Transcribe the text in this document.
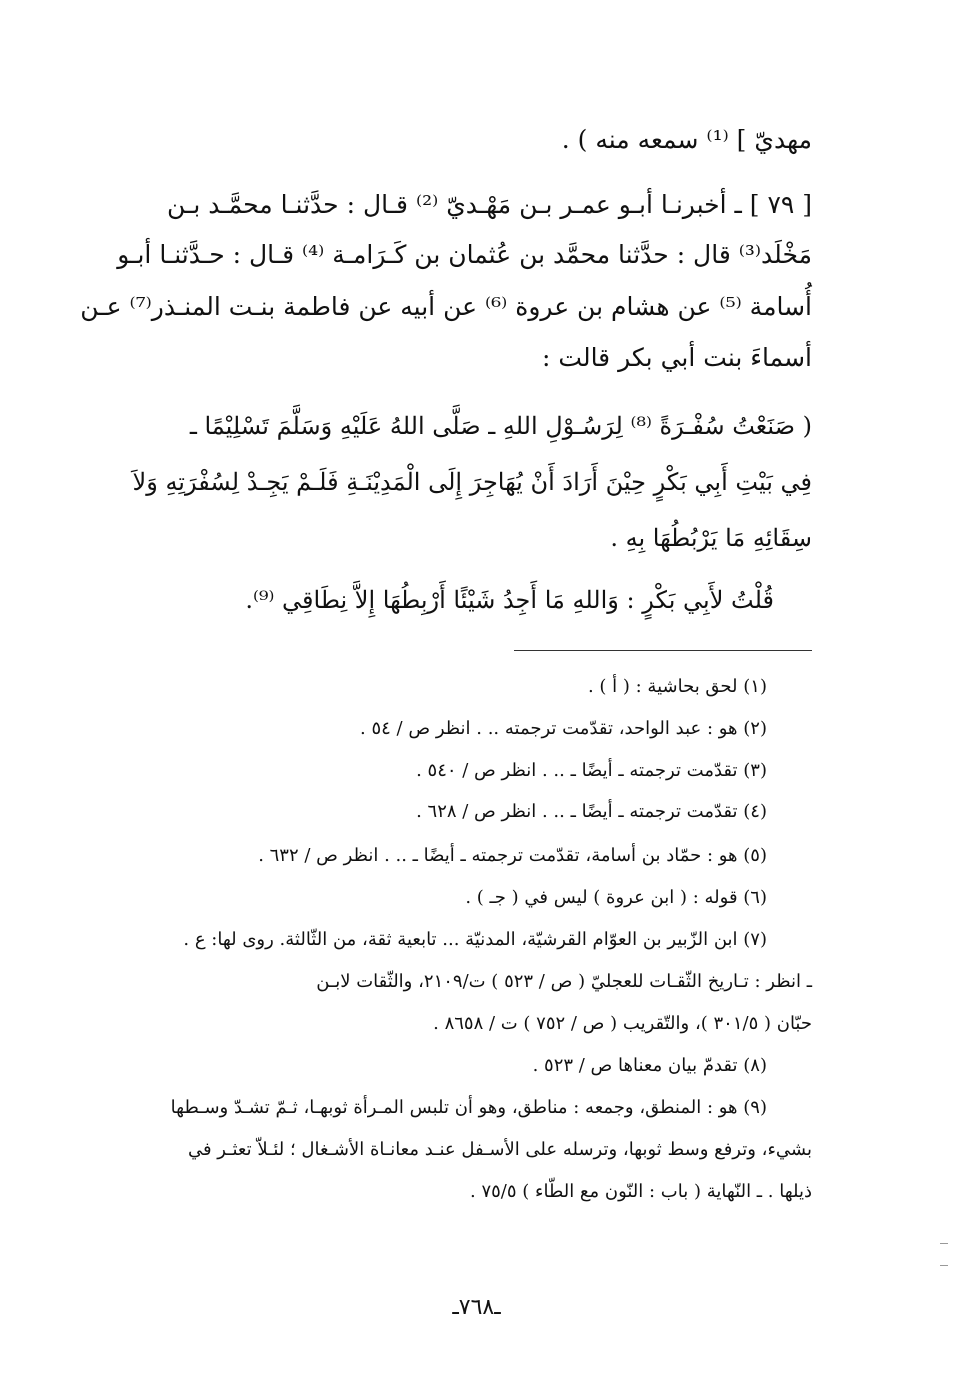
مهديّ ] ⁽¹⁾ سمعه منه ) .
[ ٧٩ ] ـ أخبرنـا أبـو عمـر بـن مَهْـديّ ⁽²⁾ قـال : حدَّثنـا محمَّـد بـن
مَخْلَد⁽³⁾ قال : حدَّثنا محمَّد بن عُثمان بن كَـرَامـة ⁽⁴⁾ قـال : حـدَّثنـا أبـو
أُسامة ⁽⁵⁾ عن هشام بن عروة ⁽⁶⁾ عن أبيه عن فاطمة بنـت المنـذر⁽⁷⁾ عـن
أسماءَ بنت أبي بكر قالت :
( صَنَعْتُ سُفْـرَةً ⁽⁸⁾ لِرَسُـوْلِ اللهِ ـ صَلَّى اللهُ عَلَيْهِ وَسَلَّمَ تَسْلِيْمًا ـ
فِي بَيْتِ أَبِي بَكْرٍ حِيْنَ أَرَادَ أَنْ يُهَاجِرَ إِلَى الْمَدِيْنَـةِ فَلَـمْ يَجِـدْ لِسُفْرَتِهِ وَلاَ
سِقَائِهِ مَا يَرْبُطُهَا بِهِ .
قُلْتُ لأَبِي بَكْرٍ : وَاللهِ مَا أَجِدُ شَيْئًا أَرْبِطُهَا إِلاَّ نِطَاقِي ⁽⁹⁾.
(١) لحق بحاشية : ( أ ) .
(٢) هو : عبد الواحد، تقدّمت ترجمته .. . انظر ص / ٥٤ .
(٣) تقدّمت ترجمته ـ أيضًا ـ .. . انظر ص / ٥٤٠ .
(٤) تقدّمت ترجمته ـ أيضًا ـ .. . انظر ص / ٦٢٨ .
(٥) هو : حمّاد بن أسامة، تقدّمت ترجمته ـ أيضًا ـ .. . انظر ص / ٦٣٢ .
(٦) قوله : ( ابن عروة ) ليس في ( جـ ) .
(٧) ابن الزّبير بن العوّام القرشيّة، المدنيّة ... تابعية ثقة، من الثّالثة. روى لها: ع .
ـ انظر : تـاريخ الثّقـات للعجليّ ( ص / ٥٢٣ ) ت/٢١٠٩، والثّقات لابـن
حبّان ( ٣٠١/٥ )، والتّقريب ( ص / ٧٥٢ ) ت / ٨٦٥٨ .
(٨) تقدمّ بيان معناها ص / ٥٢٣ .
(٩) هو : المنطق، وجمعه : مناطق، وهو أن تلبس المـرأة ثوبهـا، ثـمّ تشـدّ وسـطها
بشيء، وترفع وسط ثوبها، وترسله على الأسـفل عنـد معانـاة الأشـغال ؛ لئـلاّ تعثـر في
ذيلها . ـ النّهاية ( باب : النّون مع الطّاء ) ٧٥/٥ .
ـ٧٦٨ـ
